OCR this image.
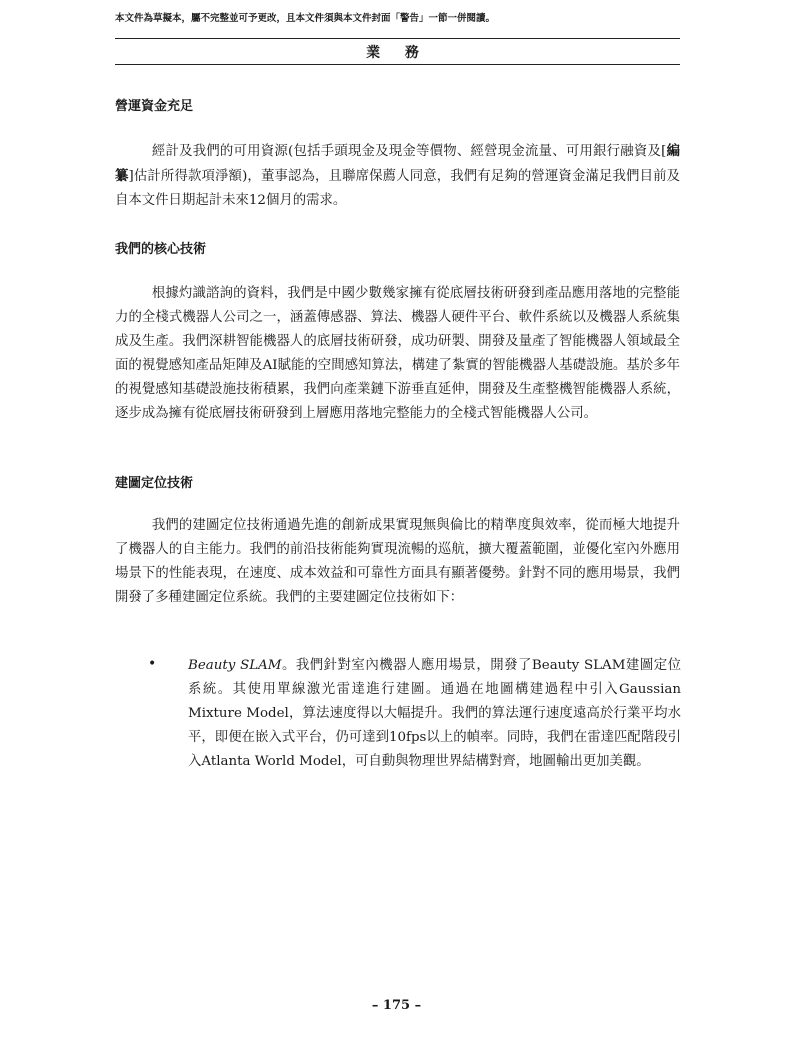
本文件為草擬本，屬不完整並可予更改，且本文件須與本文件封面「警告」一節一併閱讀。
業 務
營運資金充足

經計及我們的可用資源(包括手頭現金及現金等價物、經營現金流量、可用銀行融資及[編纂]估計所得款項淨額)，董事認為，且聯席保薦人同意，我們有足夠的營運資金滿足我們目前及自本文件日期起計未來12個月的需求。

我們的核心技術

根據灼識諮詢的資料，我們是中國少數幾家擁有從底層技術研發到產品應用落地的完整能力的全棧式機器人公司之一，涵蓋傳感器、算法、機器人硬件平台、軟件系統以及機器人系統集成及生產。我們深耕智能機器人的底層技術研發，成功研製、開發及量產了智能機器人領域最全面的視覺感知產品矩陣及AI賦能的空間感知算法，構建了紮實的智能機器人基礎設施。基於多年的視覺感知基礎設施技術積累，我們向產業鏈下游垂直延伸，開發及生產整機智能機器人系統，逐步成為擁有從底層技術研發到上層應用落地完整能力的全棧式智能機器人公司。

建圖定位技術

我們的建圖定位技術通過先進的創新成果實現無與倫比的精準度與效率，從而極大地提升了機器人的自主能力。我們的前沿技術能夠實現流暢的巡航，擴大覆蓋範圍，並優化室內外應用場景下的性能表現，在速度、成本效益和可靠性方面具有顯著優勢。針對不同的應用場景，我們開發了多種建圖定位系統。我們的主要建圖定位技術如下：

• Beauty SLAM。我們針對室內機器人應用場景，開發了Beauty SLAM建圖定位系統。其使用單線激光雷達進行建圖。通過在地圖構建過程中引入Gaussian Mixture Model，算法速度得以大幅提升。我們的算法運行速度遠高於行業平均水平，即便在嵌入式平台，仍可達到10fps以上的幀率。同時，我們在雷達匹配階段引入Atlanta World Model，可自動與物理世界結構對齊，地圖輸出更加美觀。

– 175 –
